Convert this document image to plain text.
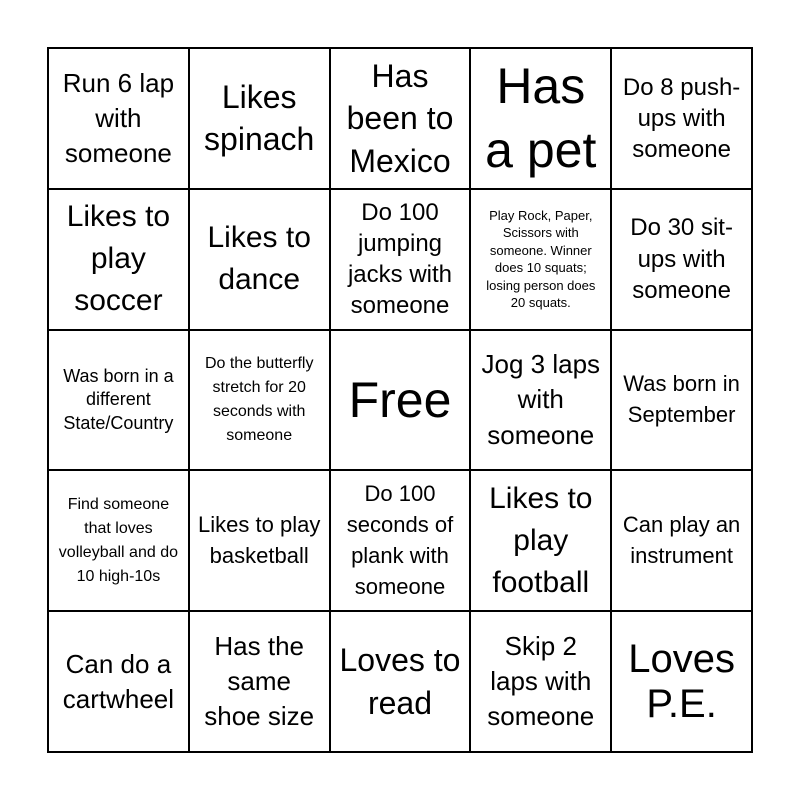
Run 6 lap with someone
Likes spinach
Has been to Mexico
Has a pet
Do 8 push-ups with someone
Likes to play soccer
Likes to dance
Do 100 jumping jacks with someone
Play Rock, Paper, Scissors with someone. Winner does 10 squats; losing person does 20 squats.
Do 30 sit-ups with someone
Was born in a different State/Country
Do the butterfly stretch for 20 seconds with someone
Free
Jog 3 laps with someone
Was born in September
Find someone that loves volleyball and do 10 high-10s
Likes to play basketball
Do 100 seconds of plank with someone
Likes to play football
Can play an instrument
Can do a cartwheel
Has the same shoe size
Loves to read
Skip 2 laps with someone
Loves P.E.
